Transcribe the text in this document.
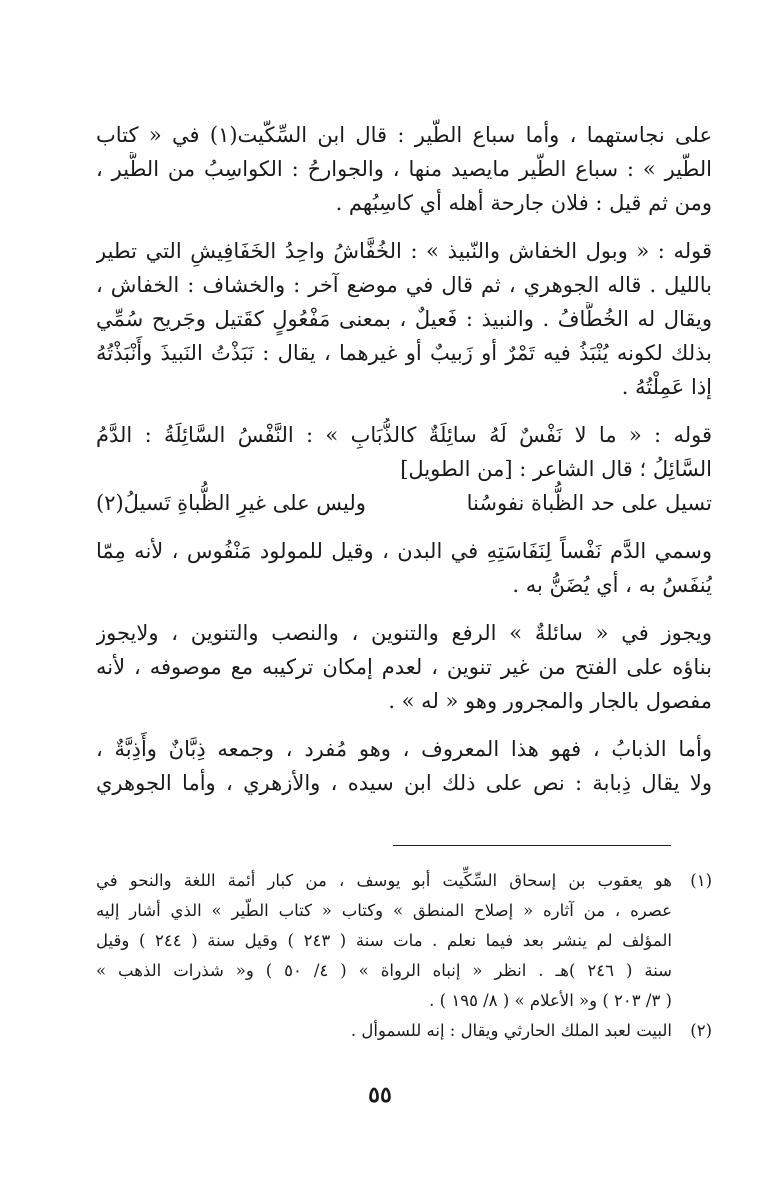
على نجاستهما ، وأما سباع الطّير : قال ابن السِّكّيت(١) في « كتاب
الطّير » : سباع الطّير مايصيد منها ، والجوارحُ : الكواسِبُ من الطَّير ،
ومن ثم قيل : فلان جارحة أهله أي كاسِبُهم .
قوله : « وبول الخفاش والنّبيذ » : الخُفَّاشُ واحِدُ الخَفَافِيشِ التي تطير
بالليل . قاله الجوهري ، ثم قال في موضع آخر : والخشاف : الخفاش ،
ويقال له الخُطَّافُ . والنبيذ : فَعيلٌ ، بمعنى مَفْعُولٍ كقَتيل وجَريح سُمِّي
بذلك لكونه يُنْبَذُ فيه تَمْرٌ أو زَبيبٌ أو غيرهما ، يقال : نَبَذْتُ النَبيذَ وأَنْبَذْتُهُ
إذا عَمِلْتُهُ .
قوله : « ما لا نَفْسٌ لَهُ سائِلَةٌ كالذُّبَابِ » : النَّفْسُ السَّائِلَةُ : الدَّمُ
السَّائِلُ ؛ قال الشاعر : [من الطويل]
تسيل على حد الظُّباة نفوسُنا
وليس على غيرِ الظُّباةِ تَسيلُ(٢)
وسمي الدَّم نَفْساً لِنَفَاسَتِهِ في البدن ، وقيل للمولود مَنْفُوس ، لأنه مِمّا
يُنفَسُ به ، أي يُضَنُّ به .
ويجوز في « سائلةٌ » الرفع والتنوين ، والنصب والتنوين ، ولايجوز
بناؤه على الفتح من غير تنوين ، لعدم إمكان تركيبه مع موصوفه ، لأنه
مفصول بالجار والمجرور وهو « له » .
وأما الذبابُ ، فهو هذا المعروف ، وهو مُفرد ، وجمعه ذِبَّانٌ وأَذِبَّةٌ ،
ولا يقال ذِبابة : نص على ذلك ابن سيده ، والأزهري ، وأما الجوهري
(١)
هو يعقوب بن إسحاق السِّكِّيت أبو يوسف ، من كبار أئمة اللغة والنحو في
عصره ، من آثاره « إصلاح المنطق » وكتاب « كتاب الطّير » الذي أشار إليه
المؤلف لم ينشر بعد فيما نعلم . مات سنة ( ٢٤٣ ) وقيل سنة ( ٢٤٤ ) وقيل
سنة ( ٢٤٦ )هـ . انظر « إنباه الرواة » ( ٤/ ٥٠ ) و« شذرات الذهب »
( ٣/ ٢٠٣ ) و« الأعلام » ( ٨/ ١٩٥ ) .
(٢)
البيت لعبد الملك الحارثي ويقال : إنه للسموأل .
٥٥
